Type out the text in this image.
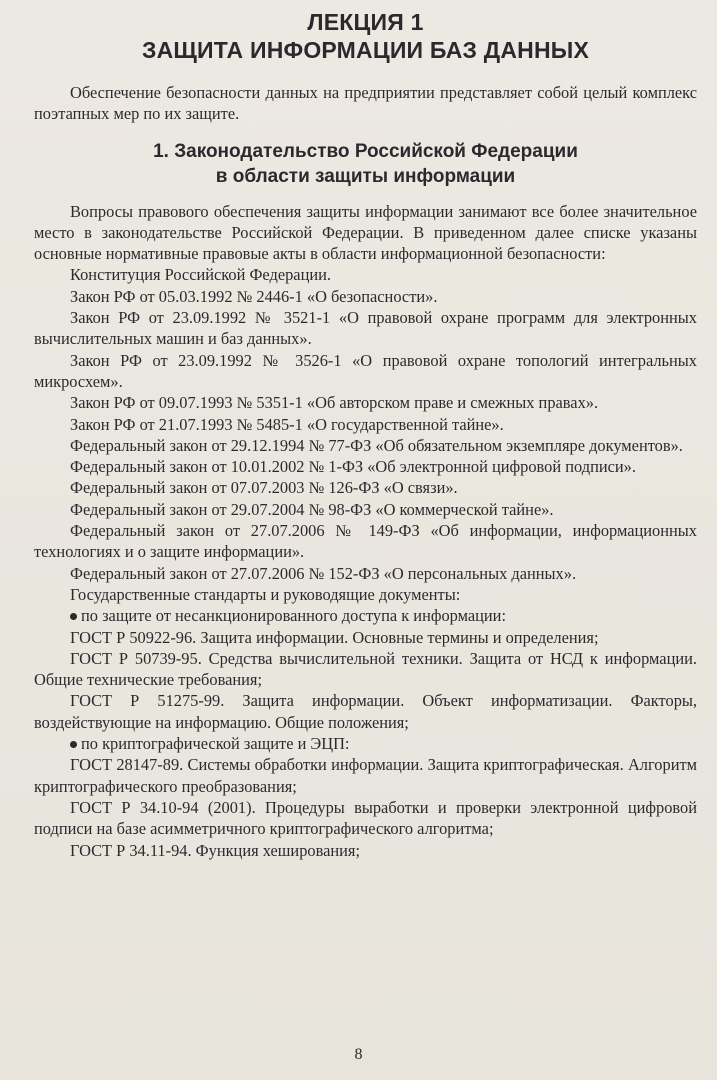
ЛЕКЦИЯ 1
ЗАЩИТА ИНФОРМАЦИИ БАЗ ДАННЫХ

Обеспечение безопасности данных на предприятии представляет собой целый комплекс поэтапных мер по их защите.

1. Законодательство Российской Федерации
в области защиты информации

Вопросы правового обеспечения защиты информации занимают все более значительное место в законодательстве Российской Федерации. В приведенном далее списке указаны основные нормативные правовые акты в области информационной безопасности:

Конституция Российской Федерации.

Закон РФ от 05.03.1992 № 2446-1 «О безопасности».

Закон РФ от 23.09.1992 № 3521-1 «О правовой охране программ для электронных вычислительных машин и баз данных».

Закон РФ от 23.09.1992 № 3526-1 «О правовой охране топологий интегральных микросхем».

Закон РФ от 09.07.1993 № 5351-1 «Об авторском праве и смежных правах».

Закон РФ от 21.07.1993 № 5485-1 «О государственной тайне».

Федеральный закон от 29.12.1994 № 77-ФЗ «Об обязательном экземпляре документов».

Федеральный закон от 10.01.2002 № 1-ФЗ «Об электронной цифровой подписи».

Федеральный закон от 07.07.2003 № 126-ФЗ «О связи».

Федеральный закон от 29.07.2004 № 98-ФЗ «О коммерческой тайне».

Федеральный закон от 27.07.2006 № 149-ФЗ «Об информации, информационных технологиях и о защите информации».

Федеральный закон от 27.07.2006 № 152-ФЗ «О персональных данных».

Государственные стандарты и руководящие документы:

по защите от несанкционированного доступа к информации:

ГОСТ Р 50922-96. Защита информации. Основные термины и определения;

ГОСТ Р 50739-95. Средства вычислительной техники. Защита от НСД к информации. Общие технические требования;

ГОСТ Р 51275-99. Защита информации. Объект информатизации. Факторы, воздействующие на информацию. Общие положения;

по криптографической защите и ЭЦП:

ГОСТ 28147-89. Системы обработки информации. Защита криптографическая. Алгоритм криптографического преобразования;

ГОСТ Р 34.10-94 (2001). Процедуры выработки и проверки электронной цифровой подписи на базе асимметричного криптографического алгоритма;

ГОСТ Р 34.11-94. Функция хеширования;

8
